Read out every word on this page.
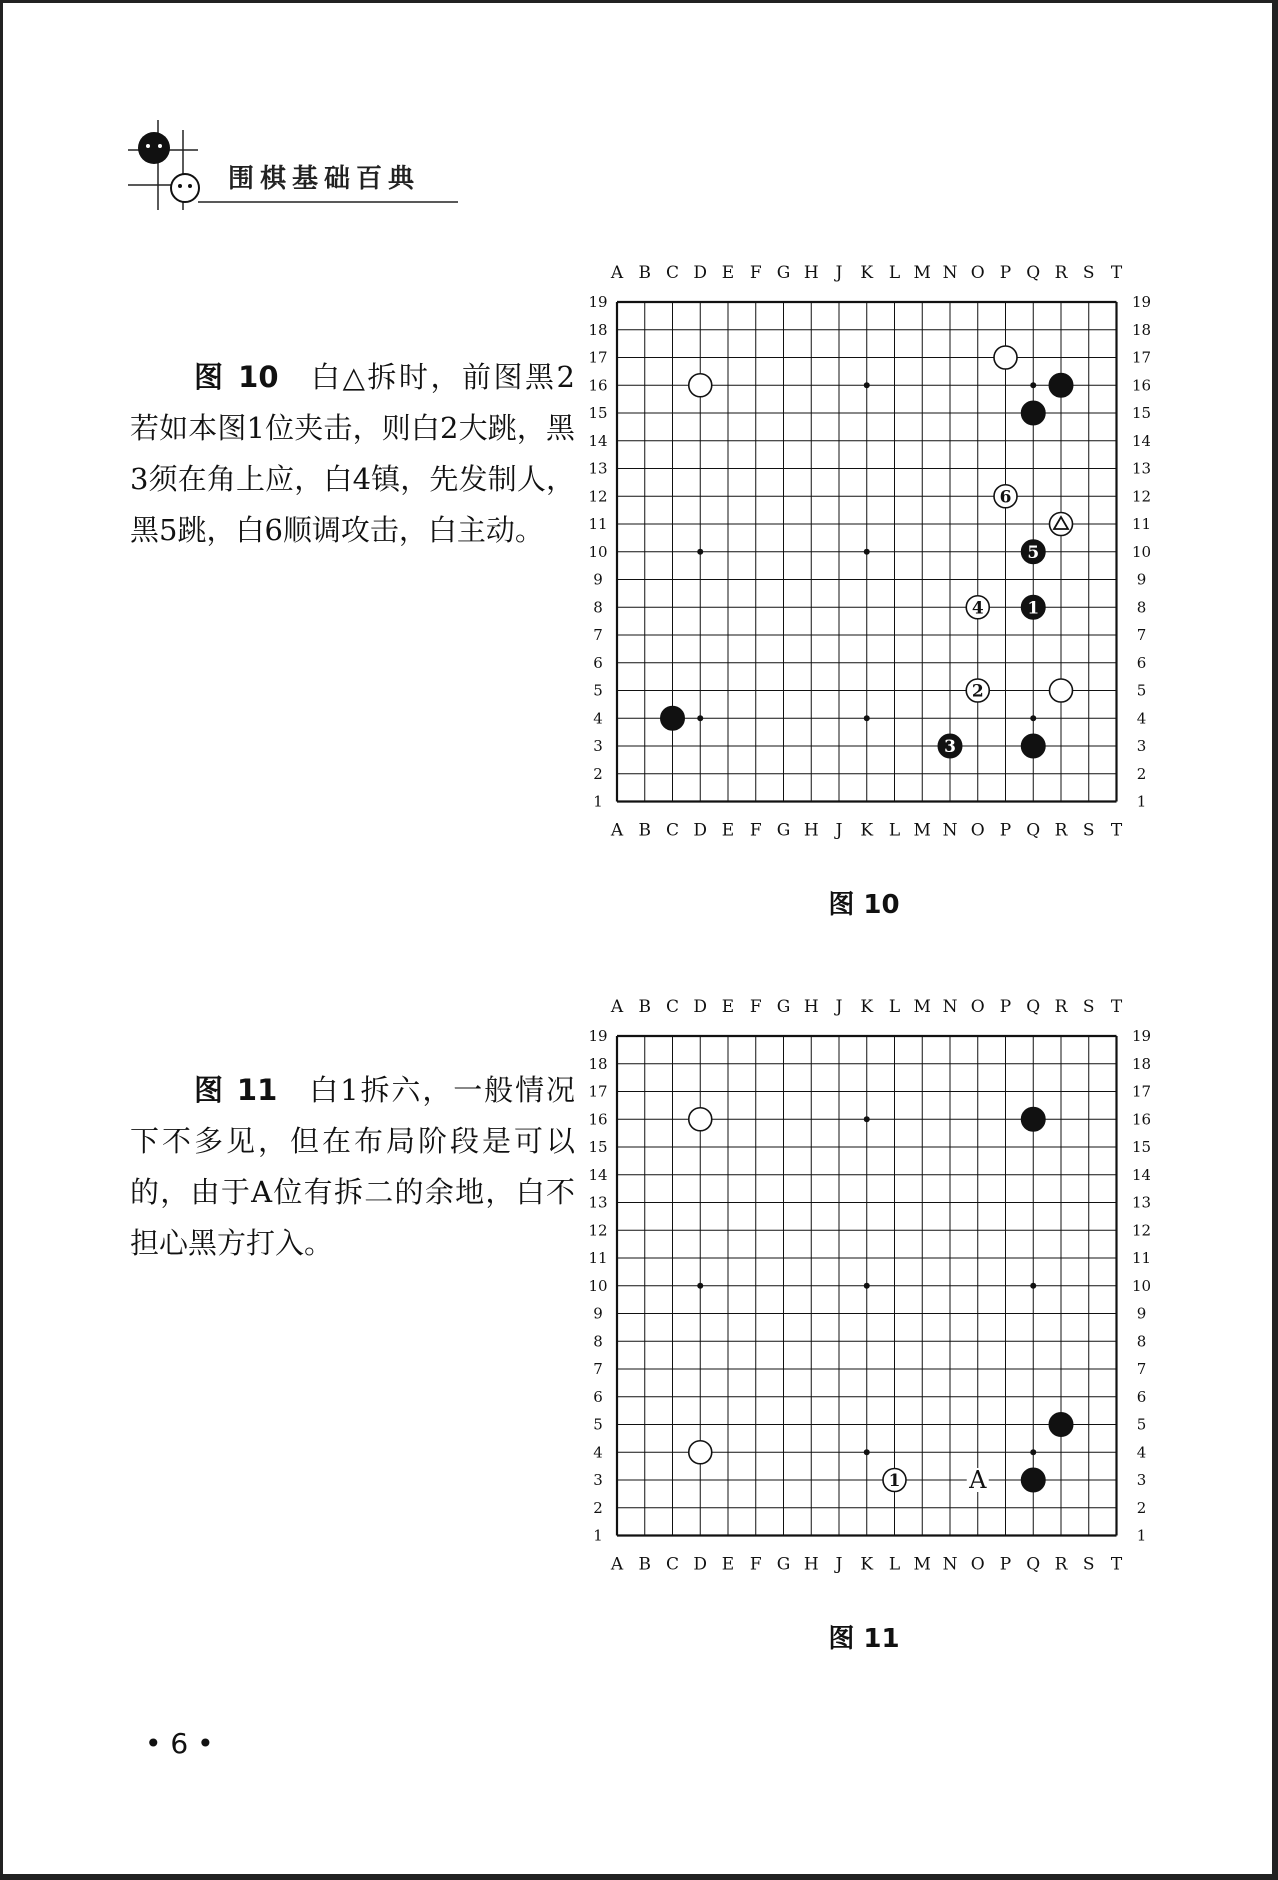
围棋基础百典
图 10 白△拆时，前图黑2若如本图1位夹击，则白2大跳，黑3须在角上应，白4镇，先发制人，黑5跳，白6顺调攻击，白主动。
图 11 白1拆六，一般情况下不多见，但在布局阶段是可以的，由于A位有拆二的余地，白不担心黑方打入。
A
A
B
B
C
C
D
D
E
E
F
F
G
G
H
H
J
J
K
K
L
L
M
M
N
N
O
O
P
P
Q
Q
R
R
S
S
T
T
19	19
18	18
17	17
16	16
15	15
14	14
13	13
12	12
11	11
10	10
9	9
8	8
7	7
6	6
5	5
4	4
3	3
2	2
1	1
6
5
4	1
2
3
图 10
A
A
B
B
C
C
D
D
E
E
F
F
G
G
H
H
J
J
K
K
L
L
M
M
N
N
O
O
P
P
Q
Q
R
R
S
S
T
T
19	19
18	18
17	17
16	16
15	15
14	14
13	13
12	12
11	11
10	10
9	9
8	8
7	7
6	6
5	5
4	4
3	3
2	2
1	1
A
1
图 11
• 6 •
